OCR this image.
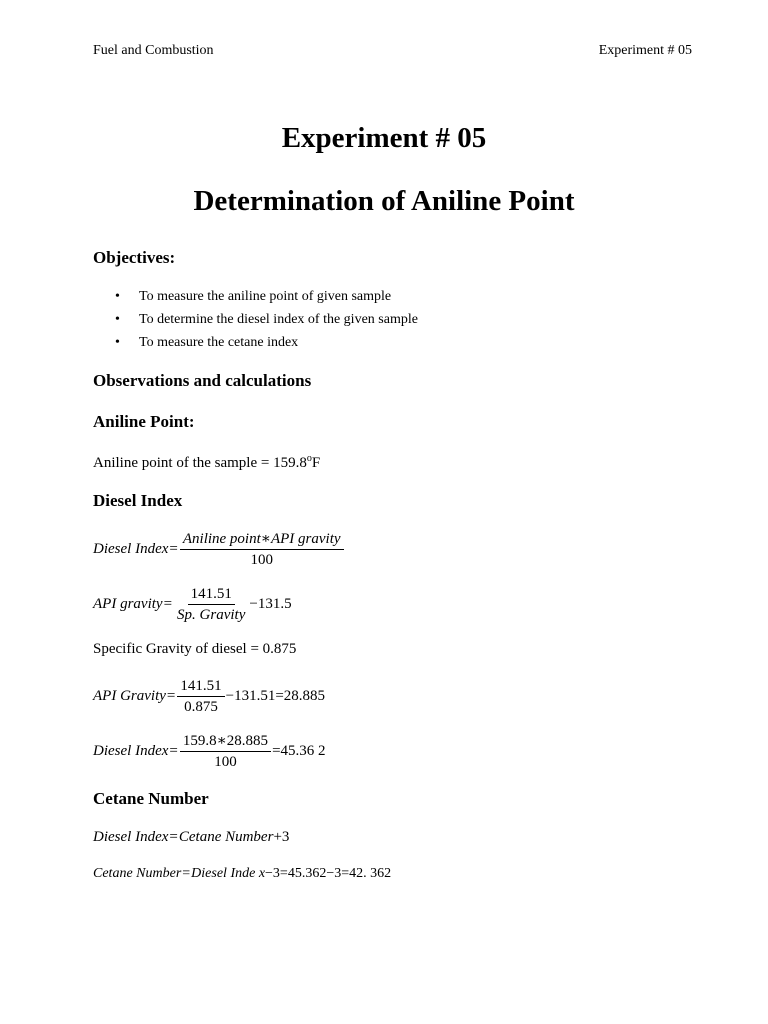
Fuel and Combustion	Experiment # 05
Experiment # 05
Determination of Aniline Point
Objectives:
• To measure the aniline point of given sample
• To determine the diesel index of the given sample
• To measure the cetane index
Observations and calculations
Aniline Point:

Aniline point of the sample = $159.8^oF$

Diesel Index
Diesel Index = $\frac{\text{Aniline point∗API gravity}}{100}$
API gravity = $\frac{141.51}{\text{Sp. Gravity}} -131.5$

Specific Gravity of diesel = 0.875

API Gravity = $\frac{141.51}{0.875} -131.51=28.885$
Diesel Index = $\frac{159.8∗28.885}{100} =45.36$ 2
Cetane Number
Diesel Index = Cetane Number +3
Cetane Number = Diesel Inde x −3=45.362−3=42. 362
